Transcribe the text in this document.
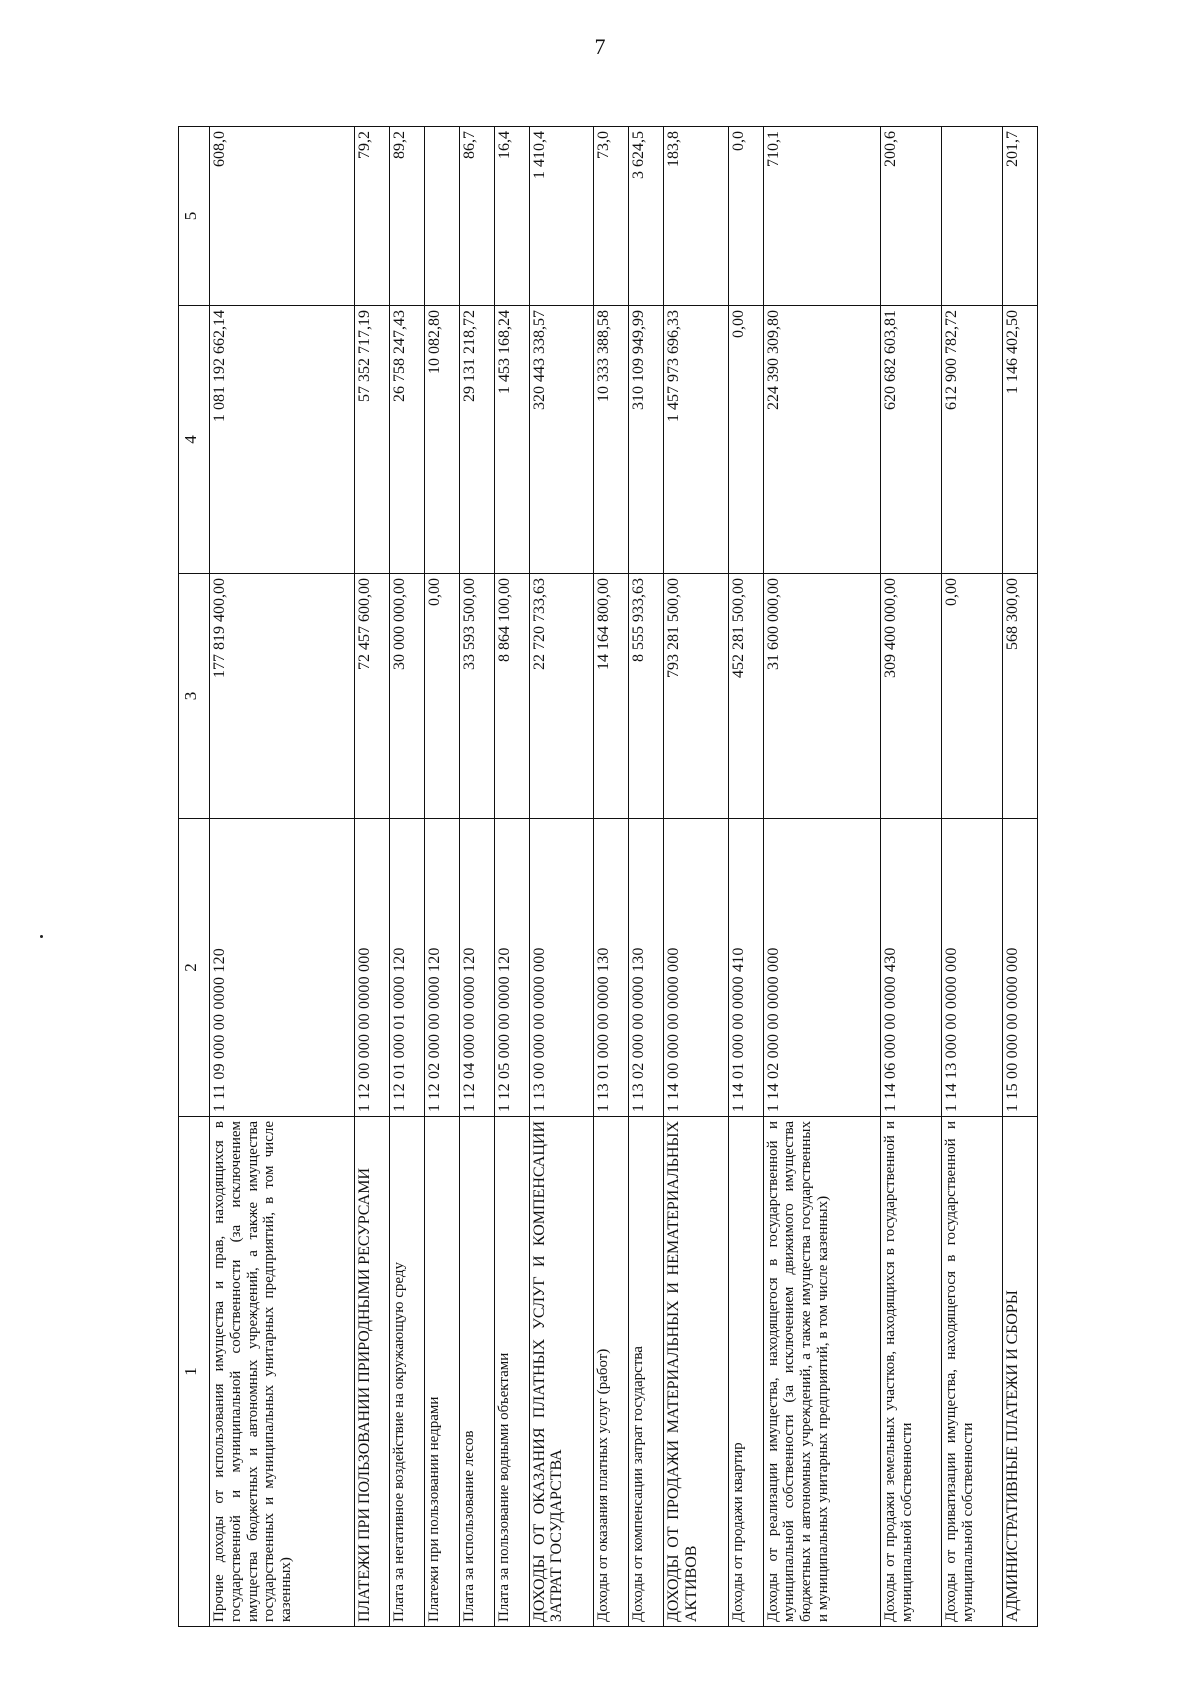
7
1	2	3	4	5
Прочие доходы от использования имущества и прав, находящихся в государственной и муниципальной собственности (за исключением имущества бюджетных и автономных учреждений, а также имущества государственных и муниципальных унитарных предприятий, в том числе казенных)	1 11 09 000 00 0000 120	177 819 400,00	1 081 192 662,14	608,0
ПЛАТЕЖИ ПРИ ПОЛЬЗОВАНИИ ПРИРОДНЫМИ РЕСУРСАМИ	1 12 00 000 00 0000 000	72 457 600,00	57 352 717,19	79,2
Плата за негативное воздействие на окружающую среду	1 12 01 000 01 0000 120	30 000 000,00	26 758 247,43	89,2
Платежи при пользовании недрами	1 12 02 000 00 0000 120	0,00	10 082,80	
Плата за использование лесов	1 12 04 000 00 0000 120	33 593 500,00	29 131 218,72	86,7
Плата за пользование водными объектами	1 12 05 000 00 0000 120	8 864 100,00	1 453 168,24	16,4
ДОХОДЫ ОТ ОКАЗАНИЯ ПЛАТНЫХ УСЛУГ И КОМПЕНСАЦИИ ЗАТРАТ ГОСУДАРСТВА	1 13 00 000 00 0000 000	22 720 733,63	320 443 338,57	1 410,4
Доходы от оказания платных услуг (работ)	1 13 01 000 00 0000 130	14 164 800,00	10 333 388,58	73,0
Доходы от компенсации затрат государства	1 13 02 000 00 0000 130	8 555 933,63	310 109 949,99	3 624,5
ДОХОДЫ ОТ ПРОДАЖИ МАТЕРИАЛЬНЫХ И НЕМАТЕРИАЛЬНЫХ АКТИВОВ	1 14 00 000 00 0000 000	793 281 500,00	1 457 973 696,33	183,8
Доходы от продажи квартир	1 14 01 000 00 0000 410	452 281 500,00	0,00	0,0
Доходы от реализации имущества, находящегося в государственной и муниципальной собственности (за исключением движимого имущества бюджетных и автономных учреждений, а также имущества государственных и муниципальных унитарных предприятий, в том числе казенных)	1 14 02 000 00 0000 000	31 600 000,00	224 390 309,80	710,1
Доходы от продажи земельных участков, находящихся в государственной и муниципальной собственности	1 14 06 000 00 0000 430	309 400 000,00	620 682 603,81	200,6
Доходы от приватизации имущества, находящегося в государственной и муниципальной собственности	1 14 13 000 00 0000 000	0,00	612 900 782,72	
АДМИНИСТРАТИВНЫЕ ПЛАТЕЖИ И СБОРЫ	1 15 00 000 00 0000 000	568 300,00	1 146 402,50	201,7
